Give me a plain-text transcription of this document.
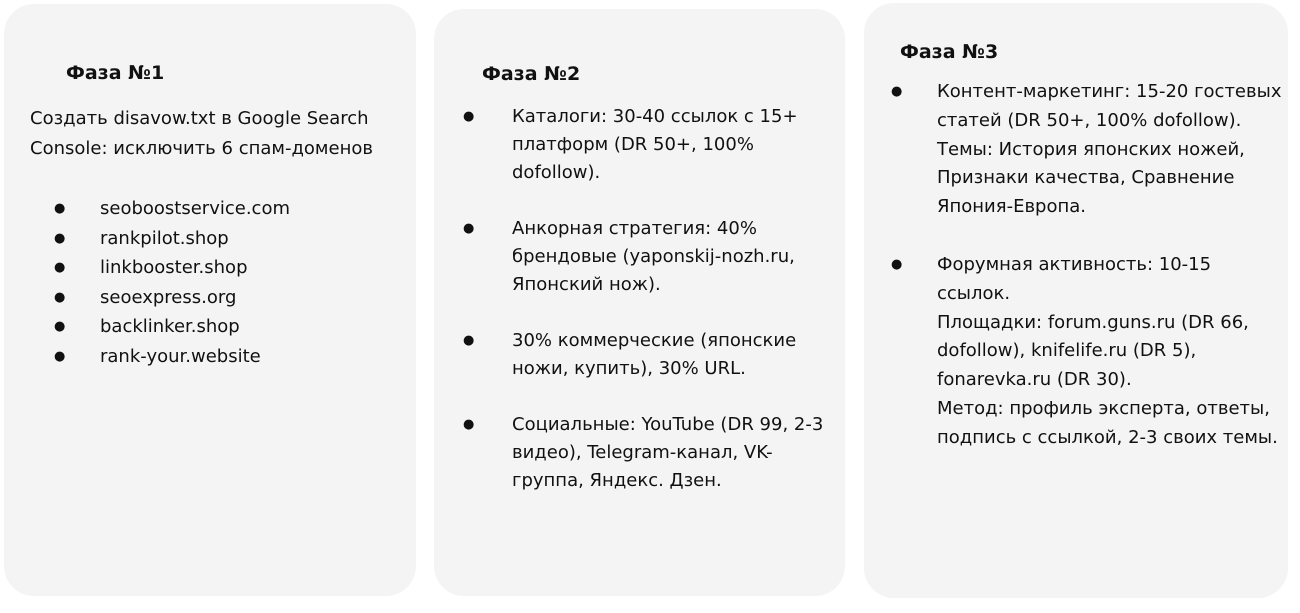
Фаза №1

Создать disavow.txt в Google Search Console: исключить 6 спам-доменов

● seoboostservice.com
● rankpilot.shop
● linkbooster.shop
● seoexpress.org
● backlinker.shop
● rank-your.website
Фаза №2
● Каталоги: 30-40 ссылок с 15+ платформ (DR 50+, 100% dofollow).
● Анкорная стратегия: 40% брендовые (yaponskij-nozh.ru, Японский нож).
● 30% коммерческие (японские ножи, купить), 30% URL.
● Социальные: YouTube (DR 99, 2-3 видео), Telegram-канал, VK-группа, Яндекс. Дзен.
Фаза №3
● Контент-маркетинг: 15-20 гостевых статей (DR 50+, 100% dofollow).
Темы: История японских ножей, Признаки качества, Сравнение Япония-Европа.
● Форумная активность: 10-15 ссылок.
Площадки: forum.guns.ru (DR 66, dofollow), knifelife.ru (DR 5), fonarevka.ru (DR 30).
Метод: профиль эксперта, ответы, подпись с ссылкой, 2-3 своих темы.
